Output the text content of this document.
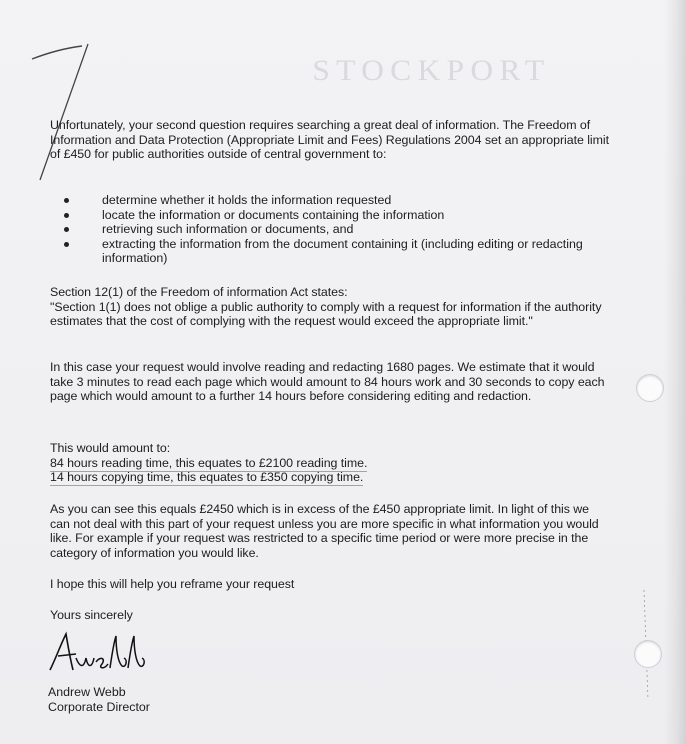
STOCKPORT
Unfortunately, your second question requires searching a great deal of information. The Freedom of Information and Data Protection (Appropriate Limit and Fees) Regulations 2004 set an appropriate limit of £450 for public authorities outside of central government to:
determine whether it holds the information requested
locate the information or documents containing the information
retrieving such information or documents, and
extracting the information from the document containing it (including editing or redacting information)
Section 12(1) of the Freedom of information Act states:
"Section 1(1) does not oblige a public authority to comply with a request for information if the authority estimates that the cost of complying with the request would exceed the appropriate limit."
In this case your request would involve reading and redacting 1680 pages. We estimate that it would take 3 minutes to read each page which would amount to 84 hours work and 30 seconds to copy each page which would amount to a further 14 hours before considering editing and redaction.
This would amount to:
84 hours reading time, this equates to £2100 reading time.
14 hours copying time, this equates to £350 copying time.
As you can see this equals £2450 which is in excess of the £450 appropriate limit. In light of this we can not deal with this part of your request unless you are more specific in what information you would like. For example if your request was restricted to a specific time period or were more precise in the category of information you would like.
I hope this will help you reframe your request
Yours sincerely
Andrew Webb
Corporate Director
